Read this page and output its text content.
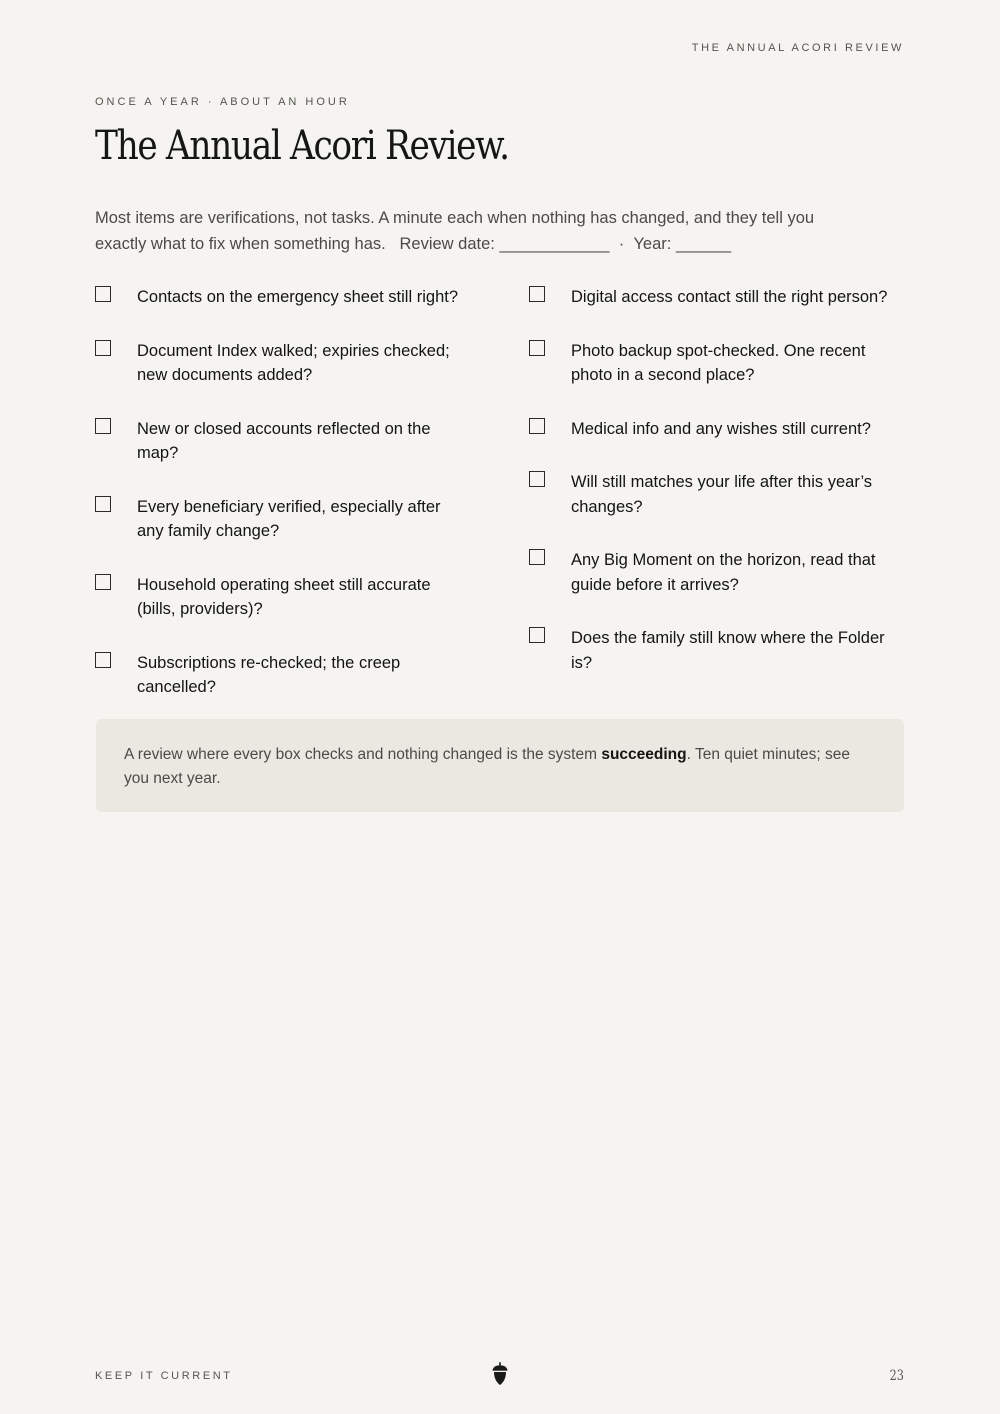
THE ANNUAL ACORI REVIEW
ONCE A YEAR · ABOUT AN HOUR
The Annual Acori Review.

Most items are verifications, not tasks. A minute each when nothing has changed, and they tell you exactly what to fix when something has. Review date: ____________ · Year: ______

Contacts on the emergency sheet still right?
Document Index walked; expiries checked; new documents added?
New or closed accounts reflected on the map?
Every beneficiary verified, especially after any family change?
Household operating sheet still accurate (bills, providers)?
Subscriptions re-checked; the creep cancelled?
Digital access contact still the right person?
Photo backup spot-checked. One recent photo in a second place?
Medical info and any wishes still current?
Will still matches your life after this year’s changes?
Any Big Moment on the horizon, read that guide before it arrives?
Does the family still know where the Folder is?
A review where every box checks and nothing changed is the system succeeding. Ten quiet minutes; see you next year.
KEEP IT CURRENT	23
